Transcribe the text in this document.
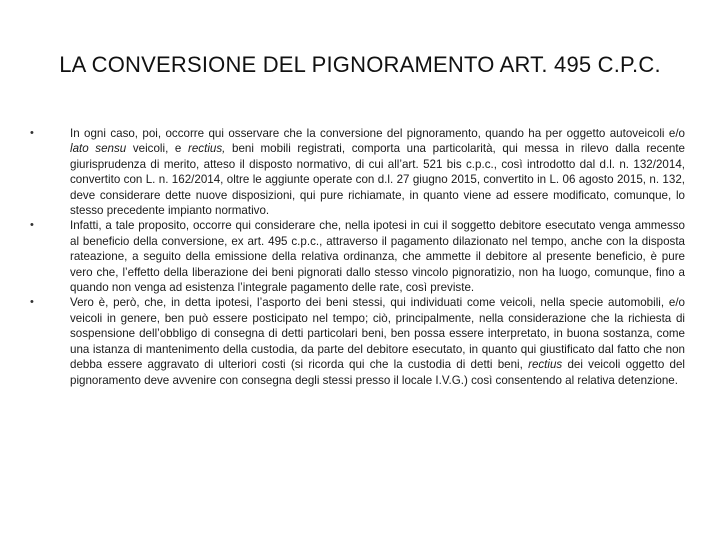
LA CONVERSIONE DEL PIGNORAMENTO ART. 495 C.P.C.
•	In ogni caso, poi, occorre qui osservare che la conversione del pignoramento, quando ha per oggetto autoveicoli e/o lato sensu veicoli, e rectius, beni mobili registrati, comporta una particolarità, qui messa in rilevo dalla recente giurisprudenza di merito, atteso il disposto normativo, di cui all’art. 521 bis c.p.c., così introdotto dal d.l. n. 132/2014, convertito con L. n. 162/2014, oltre le aggiunte operate con d.l. 27 giugno 2015, convertito in L. 06 agosto 2015, n. 132, deve considerare dette nuove disposizioni, qui pure richiamate, in quanto viene ad essere modificato, comunque, lo stesso precedente impianto normativo.
•	Infatti, a tale proposito, occorre qui considerare che, nella ipotesi in cui il soggetto debitore esecutato venga ammesso al beneficio della conversione, ex art. 495 c.p.c., attraverso il pagamento dilazionato nel tempo, anche con la disposta rateazione, a seguito della emissione della relativa ordinanza, che ammette il debitore al presente beneficio, è pure vero che, l’effetto della liberazione dei beni pignorati dallo stesso vincolo pignoratizio, non ha luogo, comunque, fino a quando non venga ad esistenza l’integrale pagamento delle rate, così previste.
•	Vero è, però, che, in detta ipotesi, l’asporto dei beni stessi, qui individuati come veicoli, nella specie automobili, e/o veicoli in genere, ben può essere posticipato nel tempo; ciò, principalmente, nella considerazione che la richiesta di sospensione dell’obbligo di consegna di detti particolari beni, ben possa essere interpretato, in buona sostanza, come una istanza di mantenimento della custodia, da parte del debitore esecutato, in quanto qui giustificato dal fatto che non debba essere aggravato di ulteriori costi (si ricorda qui che la custodia di detti beni, rectius dei veicoli oggetto del pignoramento deve avvenire con consegna degli stessi presso il locale I.V.G.) così consentendo al relativa detenzione.
